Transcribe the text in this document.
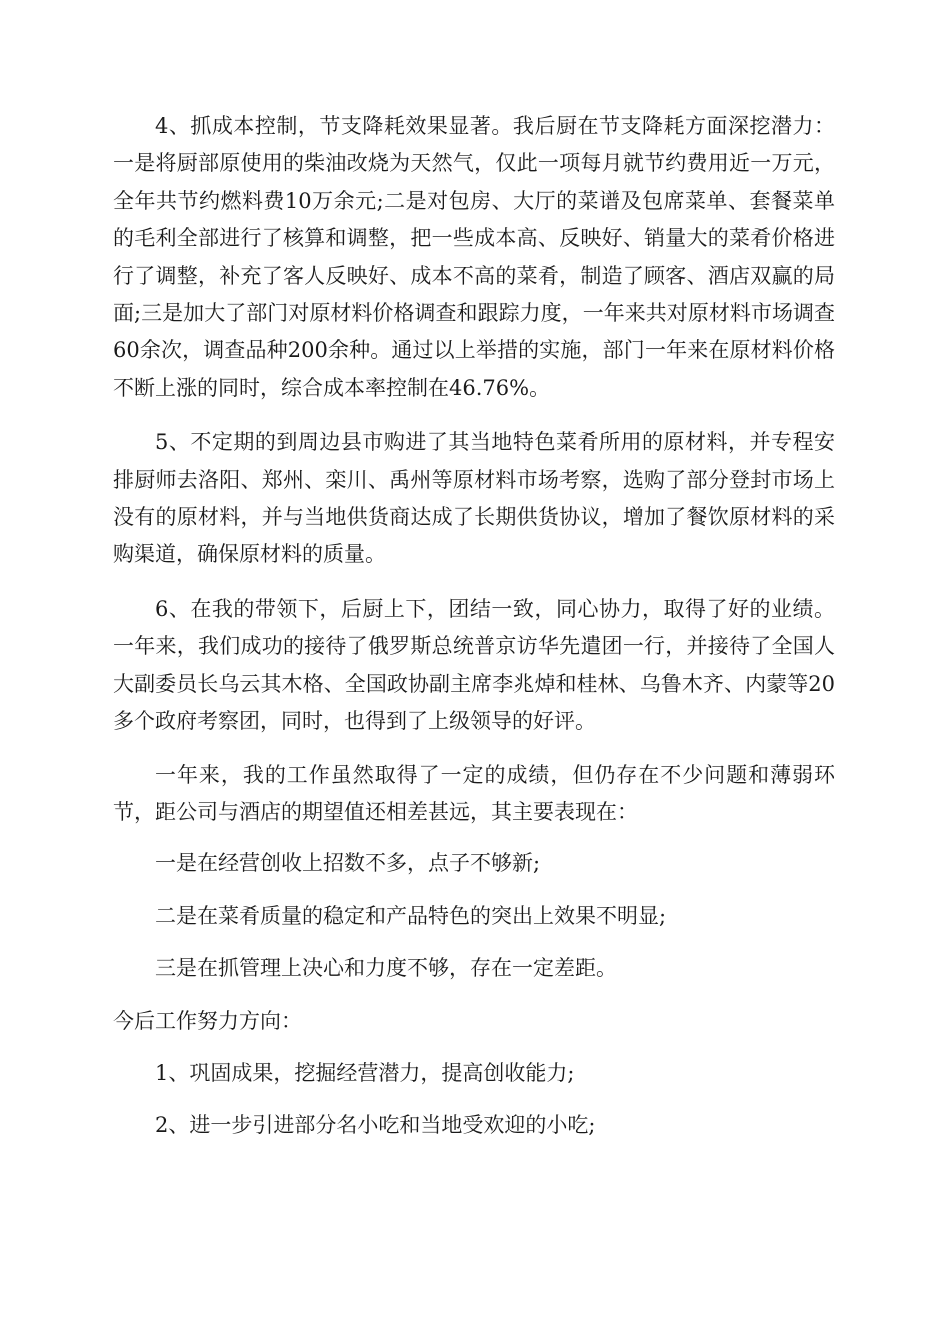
4、抓成本控制，节支降耗效果显著。我后厨在节支降耗方面深挖潜力：一是将厨部原使用的柴油改烧为天然气，仅此一项每月就节约费用近一万元，全年共节约燃料费10万余元;二是对包房、大厅的菜谱及包席菜单、套餐菜单的毛利全部进行了核算和调整，把一些成本高、反映好、销量大的菜肴价格进行了调整，补充了客人反映好、成本不高的菜肴，制造了顾客、酒店双赢的局面;三是加大了部门对原材料价格调查和跟踪力度，一年来共对原材料市场调查60余次，调查品种200余种。通过以上举措的实施，部门一年来在原材料价格不断上涨的同时，综合成本率控制在46.76%。

5、不定期的到周边县市购进了其当地特色菜肴所用的原材料，并专程安排厨师去洛阳、郑州、栾川、禹州等原材料市场考察，选购了部分登封市场上没有的原材料，并与当地供货商达成了长期供货协议，增加了餐饮原材料的采购渠道，确保原材料的质量。

6、在我的带领下，后厨上下，团结一致，同心协力，取得了好的业绩。一年来，我们成功的接待了俄罗斯总统普京访华先遣团一行，并接待了全国人大副委员长乌云其木格、全国政协副主席李兆焯和桂林、乌鲁木齐、内蒙等20多个政府考察团，同时，也得到了上级领导的好评。

一年来，我的工作虽然取得了一定的成绩，但仍存在不少问题和薄弱环节，距公司与酒店的期望值还相差甚远，其主要表现在：

一是在经营创收上招数不多，点子不够新;

二是在菜肴质量的稳定和产品特色的突出上效果不明显;

三是在抓管理上决心和力度不够，存在一定差距。

今后工作努力方向：

1、巩固成果，挖掘经营潜力，提高创收能力;

2、进一步引进部分名小吃和当地受欢迎的小吃;
